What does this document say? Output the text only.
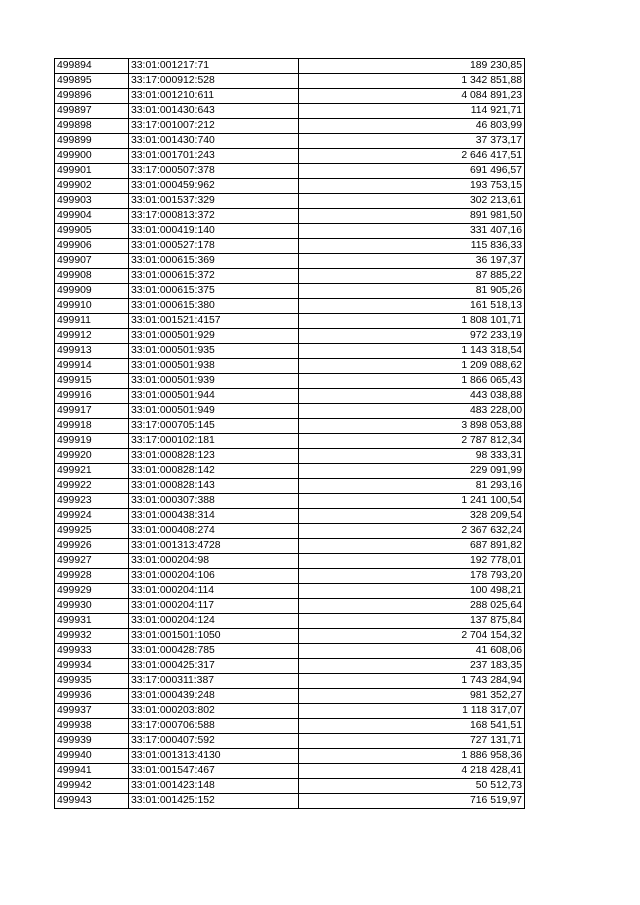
499894	33:01:001217:71	189 230,85
499895	33:17:000912:528	1 342 851,88
499896	33:01:001210:611	4 084 891,23
499897	33:01:001430:643	114 921,71
499898	33:17:001007:212	46 803,99
499899	33:01:001430:740	37 373,17
499900	33:01:001701:243	2 646 417,51
499901	33:17:000507:378	691 496,57
499902	33:01:000459:962	193 753,15
499903	33:01:001537:329	302 213,61
499904	33:17:000813:372	891 981,50
499905	33:01:000419:140	331 407,16
499906	33:01:000527:178	115 836,33
499907	33:01:000615:369	36 197,37
499908	33:01:000615:372	87 885,22
499909	33:01:000615:375	81 905,26
499910	33:01:000615:380	161 518,13
499911	33:01:001521:4157	1 808 101,71
499912	33:01:000501:929	972 233,19
499913	33:01:000501:935	1 143 318,54
499914	33:01:000501:938	1 209 088,62
499915	33:01:000501:939	1 866 065,43
499916	33:01:000501:944	443 038,88
499917	33:01:000501:949	483 228,00
499918	33:17:000705:145	3 898 053,88
499919	33:17:000102:181	2 787 812,34
499920	33:01:000828:123	98 333,31
499921	33:01:000828:142	229 091,99
499922	33:01:000828:143	81 293,16
499923	33:01:000307:388	1 241 100,54
499924	33:01:000438:314	328 209,54
499925	33:01:000408:274	2 367 632,24
499926	33:01:001313:4728	687 891,82
499927	33:01:000204:98	192 778,01
499928	33:01:000204:106	178 793,20
499929	33:01:000204:114	100 498,21
499930	33:01:000204:117	288 025,64
499931	33:01:000204:124	137 875,84
499932	33:01:001501:1050	2 704 154,32
499933	33:01:000428:785	41 608,06
499934	33:01:000425:317	237 183,35
499935	33:17:000311:387	1 743 284,94
499936	33:01:000439:248	981 352,27
499937	33:01:000203:802	1 118 317,07
499938	33:17:000706:588	168 541,51
499939	33:17:000407:592	727 131,71
499940	33:01:001313:4130	1 886 958,36
499941	33:01:001547:467	4 218 428,41
499942	33:01:001423:148	50 512,73
499943	33:01:001425:152	716 519,97
